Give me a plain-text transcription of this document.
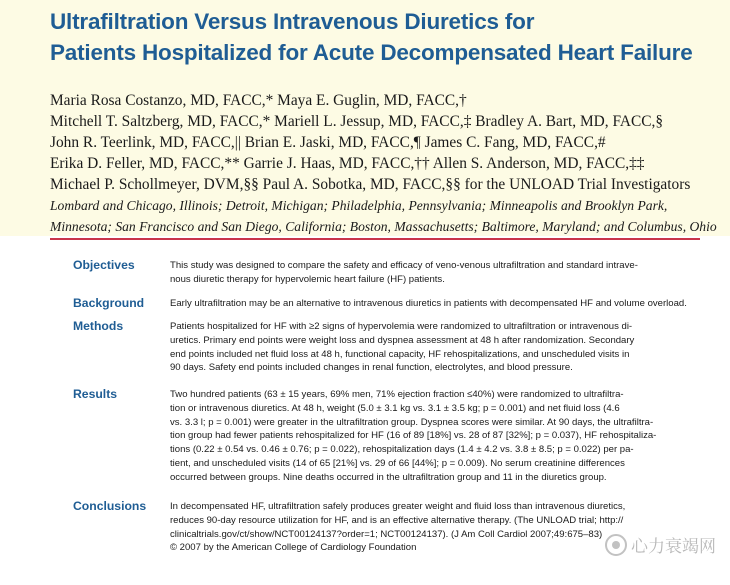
Ultrafiltration Versus Intravenous Diuretics for
Patients Hospitalized for Acute Decompensated Heart Failure
Maria Rosa Costanzo, MD, FACC,* Maya E. Guglin, MD, FACC,†
Mitchell T. Saltzberg, MD, FACC,* Mariell L. Jessup, MD, FACC,‡ Bradley A. Bart, MD, FACC,§
John R. Teerlink, MD, FACC,|| Brian E. Jaski, MD, FACC,¶ James C. Fang, MD, FACC,#
Erika D. Feller, MD, FACC,** Garrie J. Haas, MD, FACC,†† Allen S. Anderson, MD, FACC,‡‡
Michael P. Schollmeyer, DVM,§§ Paul A. Sobotka, MD, FACC,§§ for the UNLOAD Trial Investigators
Lombard and Chicago, Illinois; Detroit, Michigan; Philadelphia, Pennsylvania; Minneapolis and Brooklyn Park,
Minnesota; San Francisco and San Diego, California; Boston, Massachusetts; Baltimore, Maryland; and Columbus, Ohio
Objectives	This study was designed to compare the safety and efficacy of veno-venous ultrafiltration and standard intrave-
nous diuretic therapy for hypervolemic heart failure (HF) patients.
Background	Early ultrafiltration may be an alternative to intravenous diuretics in patients with decompensated HF and volume overload.
Methods	Patients hospitalized for HF with ≥2 signs of hypervolemia were randomized to ultrafiltration or intravenous di-
uretics. Primary end points were weight loss and dyspnea assessment at 48 h after randomization. Secondary
end points included net fluid loss at 48 h, functional capacity, HF rehospitalizations, and unscheduled visits in
90 days. Safety end points included changes in renal function, electrolytes, and blood pressure.
Results	Two hundred patients (63 ± 15 years, 69% men, 71% ejection fraction ≤40%) were randomized to ultrafiltra-
tion or intravenous diuretics. At 48 h, weight (5.0 ± 3.1 kg vs. 3.1 ± 3.5 kg; p = 0.001) and net fluid loss (4.6
vs. 3.3 l; p = 0.001) were greater in the ultrafiltration group. Dyspnea scores were similar. At 90 days, the ultrafiltra-
tion group had fewer patients rehospitalized for HF (16 of 89 [18%] vs. 28 of 87 [32%]; p = 0.037), HF rehospitaliza-
tions (0.22 ± 0.54 vs. 0.46 ± 0.76; p = 0.022), rehospitalization days (1.4 ± 4.2 vs. 3.8 ± 8.5; p = 0.022) per pa-
tient, and unscheduled visits (14 of 65 [21%] vs. 29 of 66 [44%]; p = 0.009). No serum creatinine differences
occurred between groups. Nine deaths occurred in the ultrafiltration group and 11 in the diuretics group.
Conclusions In decompensated HF, ultrafiltration safely produces greater weight and fluid loss than intravenous diuretics,
reduces 90-day resource utilization for HF, and is an effective alternative therapy. (The UNLOAD trial; http://
clinicaltrials.gov/ct/show/NCT00124137?order=1; NCT00124137). (J Am Coll Cardiol 2007;49:675–83)
© 2007 by the American College of Cardiology Foundation	心力衰竭网
